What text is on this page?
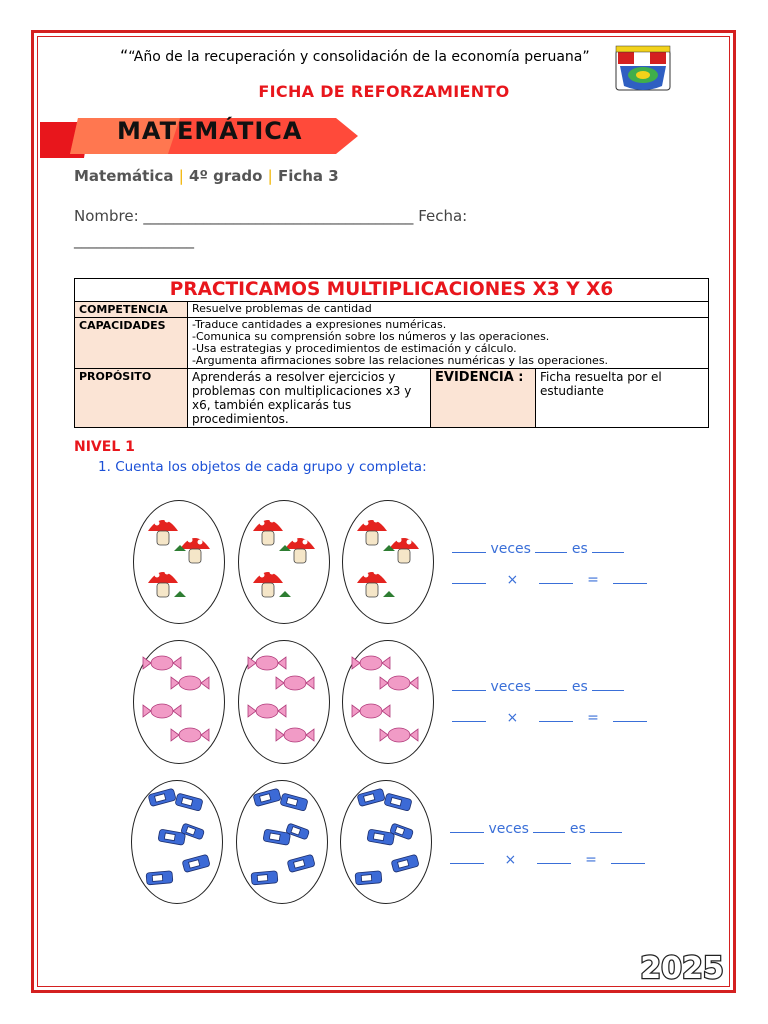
““Año de la recuperación y consolidación de la economía peruana”
FICHA DE REFORZAMIENTO
MATEMÁTICA
Matemática | 4º grado | Ficha 3
Nombre: ____________________________________ Fecha:
________________
PRACTICAMOS MULTIPLICACIONES X3 Y X6			
COMPETENCIA	Resuelve problemas de cantidad		
CAPACIDADES	-Traduce cantidades a expresiones numéricas.
-Comunica su comprensión sobre los números y las operaciones.
-Usa estrategias y procedimientos de estimación y cálculo.
-Argumenta afirmaciones sobre las relaciones numéricas y las operaciones.		

PROPÓSITO	Aprenderás a resolver ejercicios y problemas con multiplicaciones x3 y x6, también explicarás tus procedimientos.	EVIDENCIA :	Ficha resuelta por el estudiante
NIVEL 1
1. Cuenta los objetos de cada grupo y completa:
veces	es
×	=
veces	es
×	=
veces	es
×	=
2025
